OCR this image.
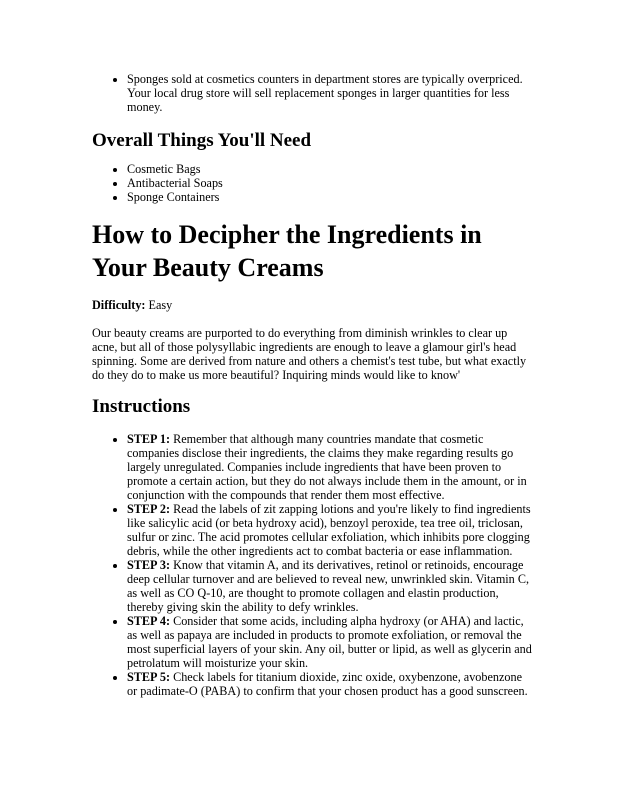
• Sponges sold at cosmetics counters in department stores are typically overpriced. Your local drug store will sell replacement sponges in larger quantities for less money.
Overall Things You'll Need
• Cosmetic Bags
• Antibacterial Soaps
• Sponge Containers
How to Decipher the Ingredients in Your Beauty Creams

Difficulty: Easy

Our beauty creams are purported to do everything from diminish wrinkles to clear up acne, but all of those polysyllabic ingredients are enough to leave a glamour girl's head spinning. Some are derived from nature and others a chemist's test tube, but what exactly do they do to make us more beautiful? Inquiring minds would like to know'

Instructions
• STEP 1: Remember that although many countries mandate that cosmetic companies disclose their ingredients, the claims they make regarding results go largely unregulated. Companies include ingredients that have been proven to promote a certain action, but they do not always include them in the amount, or in conjunction with the compounds that render them most effective.
• STEP 2: Read the labels of zit zapping lotions and you're likely to find ingredients like salicylic acid (or beta hydroxy acid), benzoyl peroxide, tea tree oil, triclosan, sulfur or zinc. The acid promotes cellular exfoliation, which inhibits pore clogging debris, while the other ingredients act to combat bacteria or ease inflammation.
• STEP 3: Know that vitamin A, and its derivatives, retinol or retinoids, encourage deep cellular turnover and are believed to reveal new, unwrinkled skin. Vitamin C, as well as CO Q-10, are thought to promote collagen and elastin production, thereby giving skin the ability to defy wrinkles.
• STEP 4: Consider that some acids, including alpha hydroxy (or AHA) and lactic, as well as papaya are included in products to promote exfoliation, or removal the most superficial layers of your skin. Any oil, butter or lipid, as well as glycerin and petrolatum will moisturize your skin.
• STEP 5: Check labels for titanium dioxide, zinc oxide, oxybenzone, avobenzone or padimate-O (PABA) to confirm that your chosen product has a good sunscreen.
